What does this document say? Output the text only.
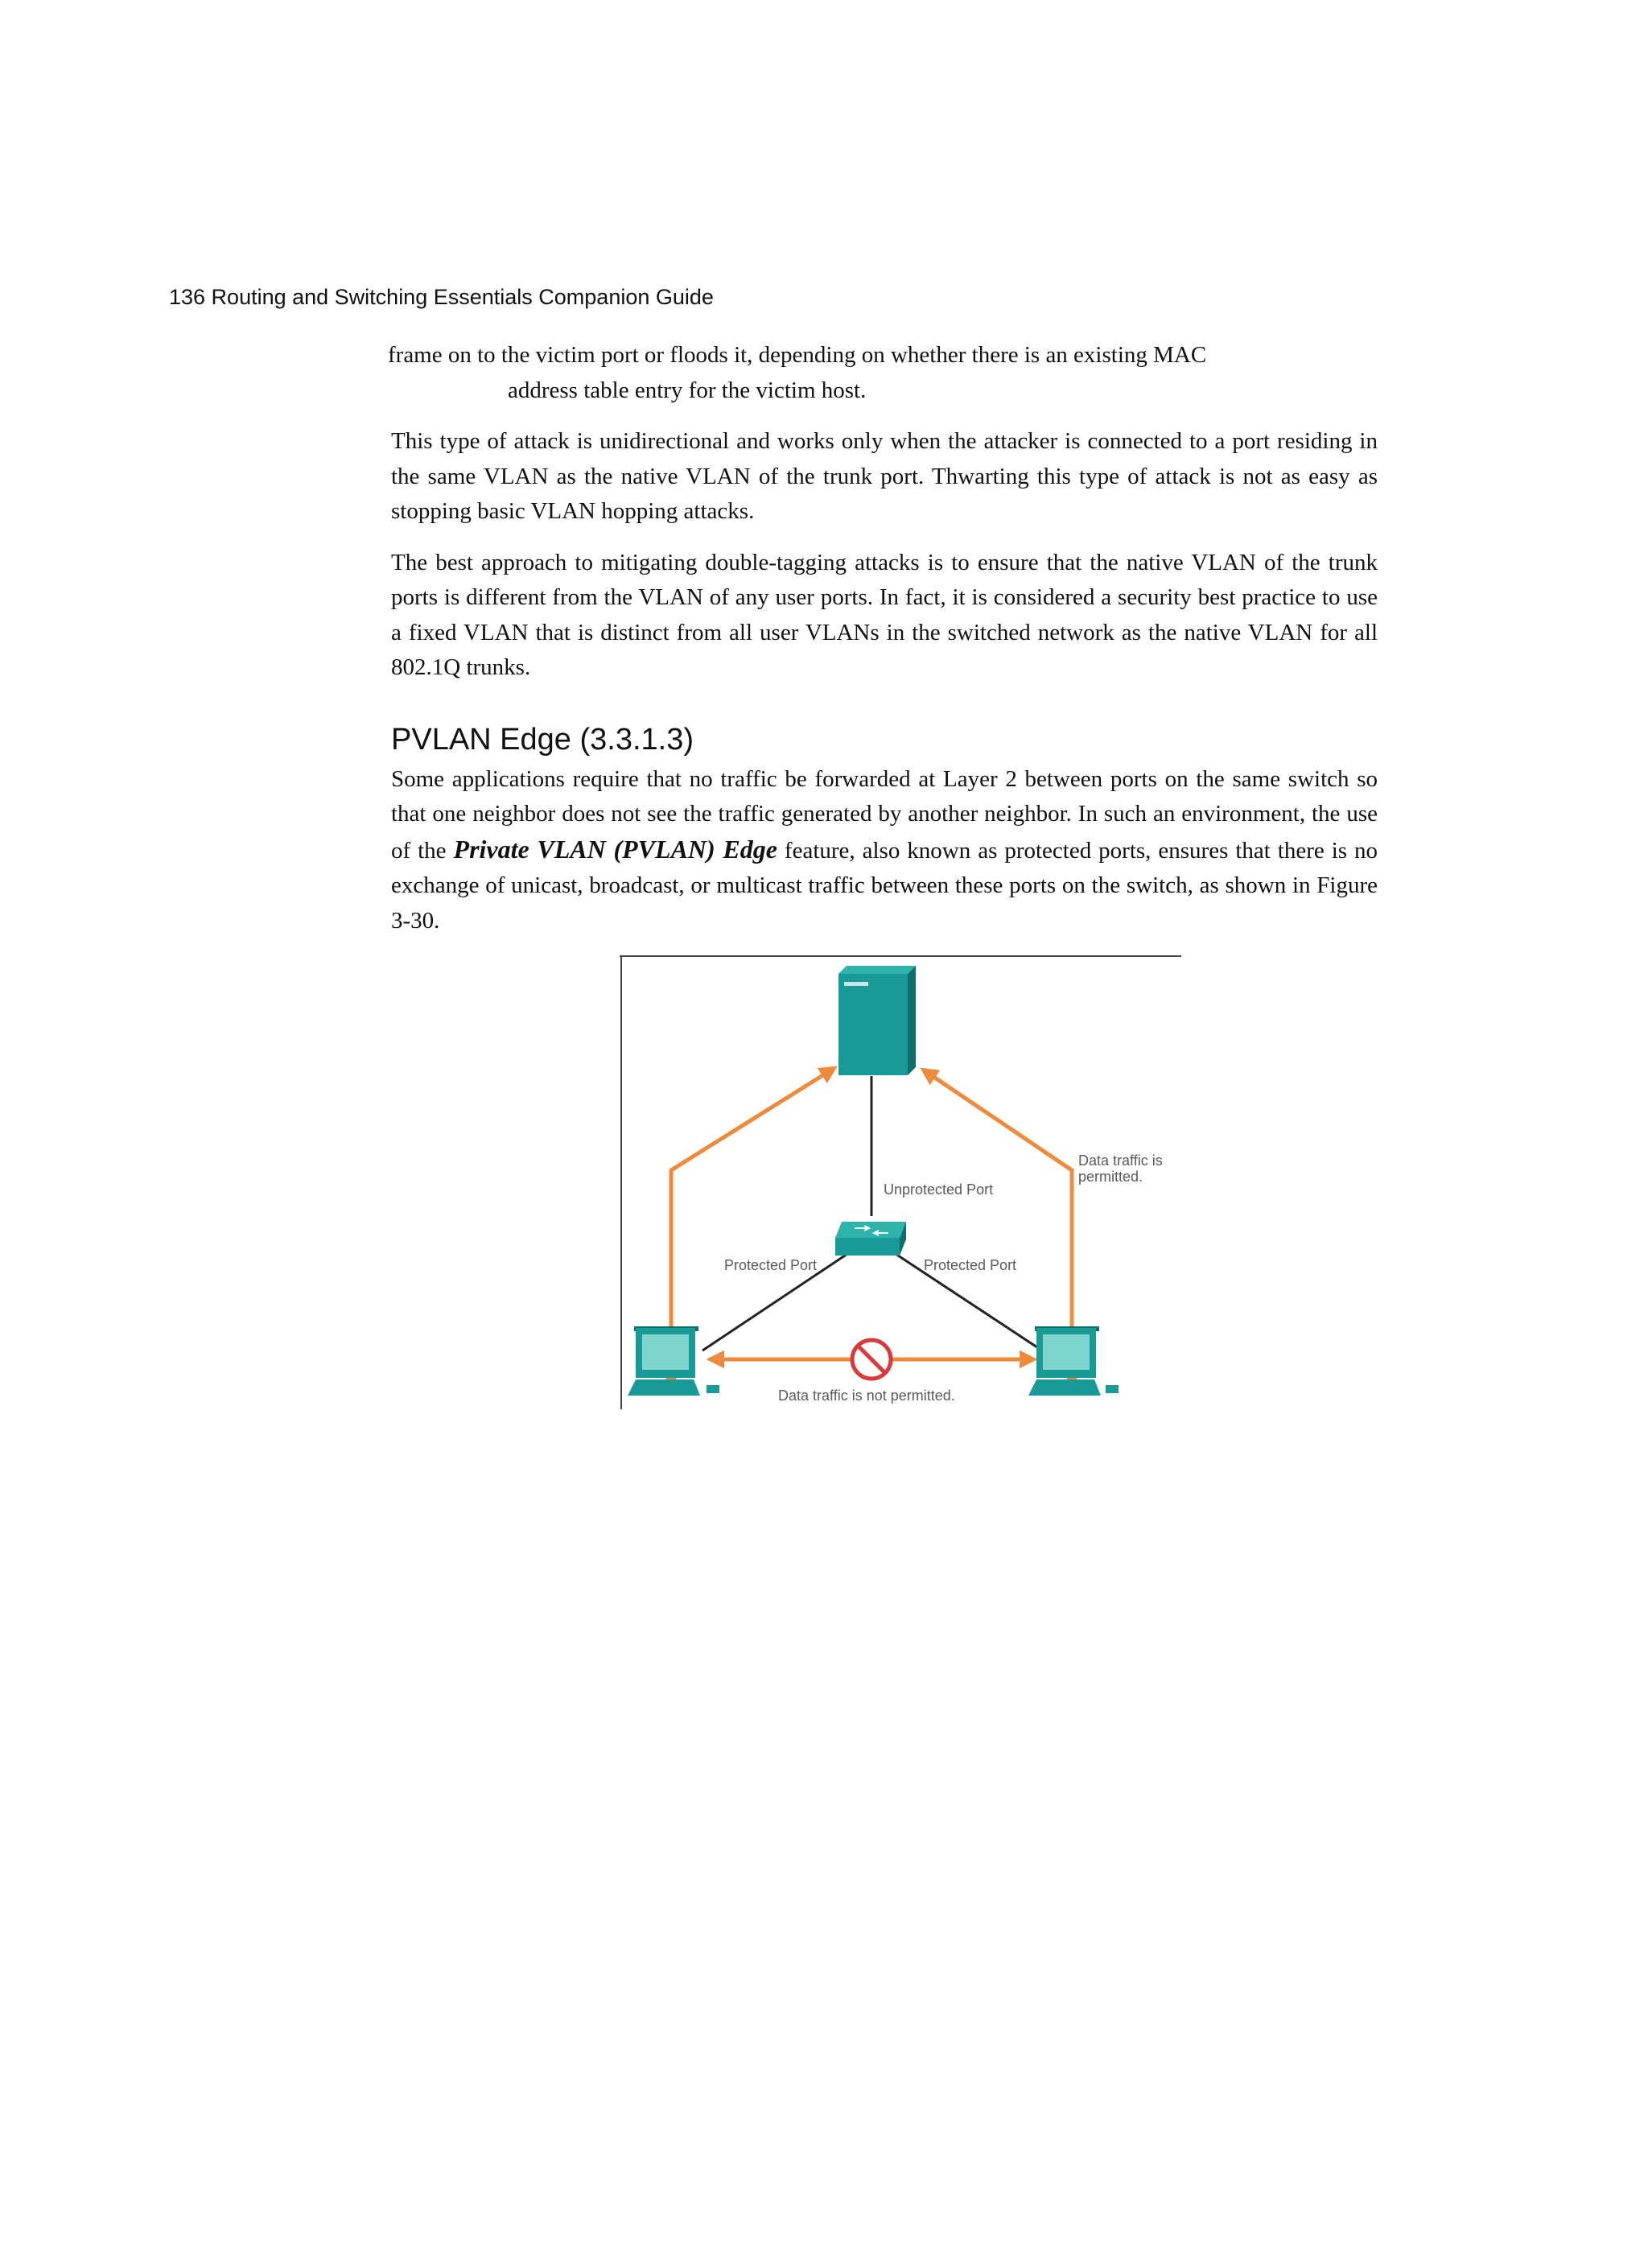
136 Routing and Switching Essentials Companion Guide

frame on to the victim port or floods it, depending on whether there is an existing MAC

address table entry for the victim host.

This type of attack is unidirectional and works only when the attacker is connected to a port residing in the same VLAN as the native VLAN of the trunk port. Thwarting this type of attack is not as easy as stopping basic VLAN hopping attacks.

The best approach to mitigating double-tagging attacks is to ensure that the native VLAN of the trunk ports is different from the VLAN of any user ports. In fact, it is considered a security best practice to use a fixed VLAN that is distinct from all user VLANs in the switched network as the native VLAN for all 802.1Q trunks.

PVLAN Edge (3.3.1.3)

Some applications require that no traffic be forwarded at Layer 2 between ports on the same switch so that one neighbor does not see the traffic generated by another neighbor. In such an environment, the use of the Private VLAN (PVLAN) Edge feature, also known as protected ports, ensures that there is no exchange of unicast, broadcast, or multicast traffic between these ports on the switch, as shown in Figure 3-30.

Unprotected Port
Protected Port	Protected Port
Data traffic is
permitted.
Data traffic is not permitted.
